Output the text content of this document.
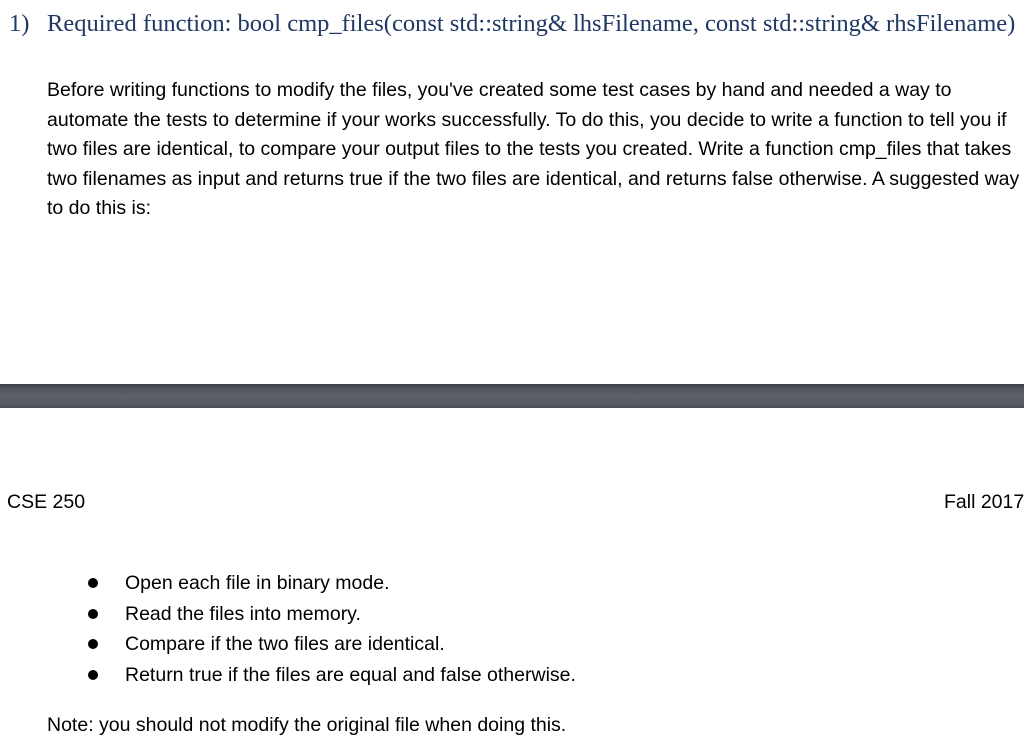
1) Required function: bool cmp_files(const std::string& lhsFilename, const std::string& rhsFilename)
Before writing functions to modify the files, you've created some test cases by hand and needed a way to automate the tests to determine if your works successfully. To do this, you decide to write a function to tell you if two files are identical, to compare your output files to the tests you created. Write a function cmp_files that takes two filenames as input and returns true if the two files are identical, and returns false otherwise. A suggested way to do this is:
CSE 250	Fall 2017
Open each file in binary mode.
Read the files into memory.
Compare if the two files are identical.
Return true if the files are equal and false otherwise.
Note: you should not modify the original file when doing this.
